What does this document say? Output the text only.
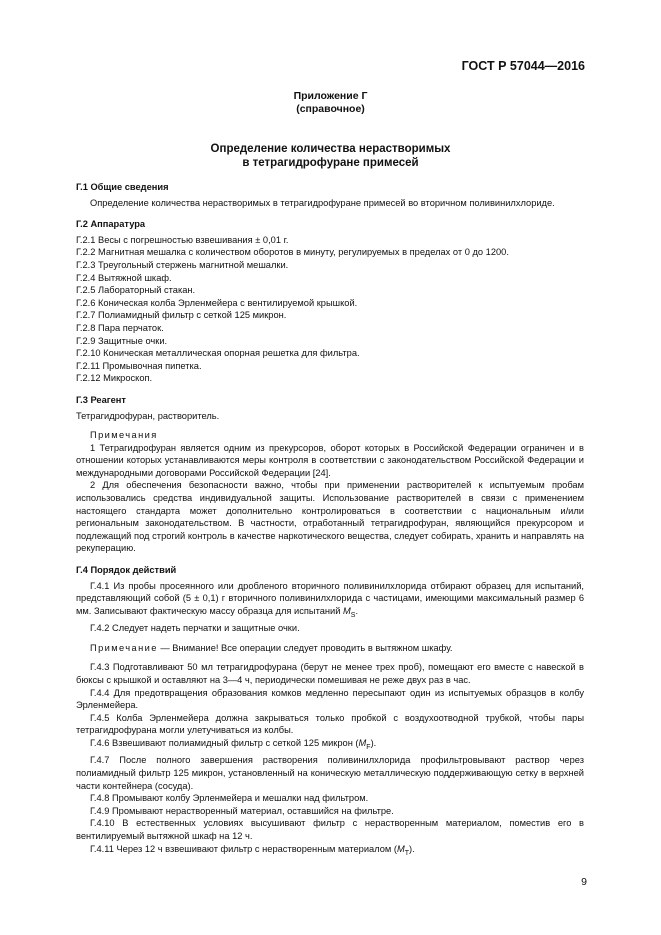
ГОСТ Р 57044—2016
Приложение Г
(справочное)
Определение количества нерастворимых
в тетрагидрофуране примесей

Г.1 Общие сведения

Определение количества нерастворимых в тетрагидрофуране примесей во вторичном поливинилхлориде.

Г.2 Аппаратура

Г.2.1 Весы с погрешностью взвешивания ± 0,01 г.

Г.2.2 Магнитная мешалка с количеством оборотов в минуту, регулируемых в пределах от 0 до 1200.

Г.2.3 Треугольный стержень магнитной мешалки.

Г.2.4 Вытяжной шкаф.

Г.2.5 Лабораторный стакан.

Г.2.6 Коническая колба Эрленмейера с вентилируемой крышкой.

Г.2.7 Полиамидный фильтр с сеткой 125 микрон.

Г.2.8 Пара перчаток.

Г.2.9 Защитные очки.

Г.2.10 Коническая металлическая опорная решетка для фильтра.

Г.2.11 Промывочная пипетка.

Г.2.12 Микроскоп.

Г.3 Реагент

Тетрагидрофуран, растворитель.

Примечания

1 Тетрагидрофуран является одним из прекурсоров, оборот которых в Российской Федерации ограничен и в отношении которых устанавливаются меры контроля в соответствии с законодательством Российской Федерации и международными договорами Российской Федерации [24].

2 Для обеспечения безопасности важно, чтобы при применении растворителей к испытуемым пробам использовались средства индивидуальной защиты. Использование растворителей в связи с применением настоящего стандарта может дополнительно контролироваться в соответствии с национальным и/или региональным законодательством. В частности, отработанный тетрагидрофуран, являющийся прекурсором и подлежащий под строгий контроль в качестве наркотического вещества, следует собирать, хранить и направлять на рекуперацию.

Г.4 Порядок действий

Г.4.1 Из пробы просеянного или дробленого вторичного поливинилхлорида отбирают образец для испытаний, представляющий собой (5 ± 0,1) г вторичного поливинилхлорида с частицами, имеющими максимальный размер 6 мм. Записывают фактическую массу образца для испытаний $M_S$.

Г.4.2 Следует надеть перчатки и защитные очки.

Примечание — Внимание! Все операции следует проводить в вытяжном шкафу.

Г.4.3 Подготавливают 50 мл тетрагидрофурана (берут не менее трех проб), помещают его вместе с навеской в бюксы с крышкой и оставляют на 3—4 ч, периодически помешивая не реже двух раз в час.

Г.4.4 Для предотвращения образования комков медленно пересыпают один из испытуемых образцов в колбу Эрленмейера.

Г.4.5 Колба Эрленмейера должна закрываться только пробкой с воздухоотводной трубкой, чтобы пары тетрагидрофурана могли улетучиваться из колбы.

Г.4.6 Взвешивают полиамидный фильтр с сеткой 125 микрон $(M_F)$.

Г.4.7 После полного завершения растворения поливинилхлорида профильтровывают раствор через полиамидный фильтр 125 микрон, установленный на коническую металлическую поддерживающую сетку в верхней части контейнера (сосуда).

Г.4.8 Промывают колбу Эрленмейера и мешалки над фильтром.

Г.4.9 Промывают нерастворенный материал, оставшийся на фильтре.

Г.4.10 В естественных условиях высушивают фильтр с нерастворенным материалом, поместив его в вентилируемый вытяжной шкаф на 12 ч.

Г.4.11 Через 12 ч взвешивают фильтр с нерастворенным материалом $(M_T)$.

9
